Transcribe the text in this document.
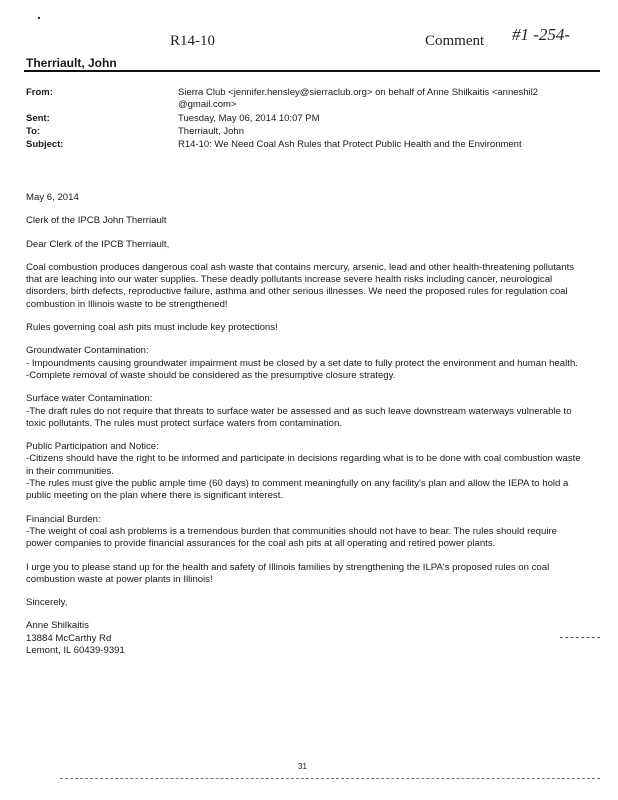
R14-10	Comment #1 -254-
Therriault, John
From:	Sierra Club <jennifer.hensley@sierraclub.org> on behalf of Anne Shilkaitis <anneshil2 @gmail.com>
Sent:	Tuesday, May 06, 2014 10:07 PM
To:	Therriault, John
Subject:	R14-10: We Need Coal Ash Rules that Protect Public Health and the Environment

May 6, 2014

Clerk of the IPCB John Therriault

Dear Clerk of the IPCB Therriault,

Coal combustion produces dangerous coal ash waste that contains mercury, arsenic, lead and other health-threatening pollutants that are leaching into our water supplies. These deadly pollutants increase severe health risks including cancer, neurological disorders, birth defects, reproductive failure, asthma and other serious illnesses. We need the proposed rules for regulation coal combustion in Illinois waste to be strengthened!

Rules governing coal ash pits must include key protections!

Groundwater Contamination:

- Impoundments causing groundwater impairment must be closed by a set date to fully protect the environment and human health.

-Complete removal of waste should be considered as the presumptive closure strategy.

Surface water Contamination:

-The draft rules do not require that threats to surface water be assessed and as such leave downstream waterways vulnerable to toxic pollutants. The rules must protect surface waters from contamination.

Public Participation and Notice:

-Citizens should have the right to be informed and participate in decisions regarding what is to be done with coal combustion waste in their communities.

-The rules must give the public ample time (60 days) to comment meaningfully on any facility's plan and allow the IEPA to hold a public meeting on the plan where there is significant interest.

Financial Burden:

-The weight of coal ash problems is a tremendous burden that communities should not have to bear. The rules should require power companies to provide financial assurances for the coal ash pits at all operating and retired power plants.

I urge you to please stand up for the health and safety of Illinois families by strengthening the ILPA's proposed rules on coal combustion waste at power plants in Illinois!

Sincerely,

Anne Shilkaitis

13884 McCarthy Rd

Lemont, IL 60439-9391

31
